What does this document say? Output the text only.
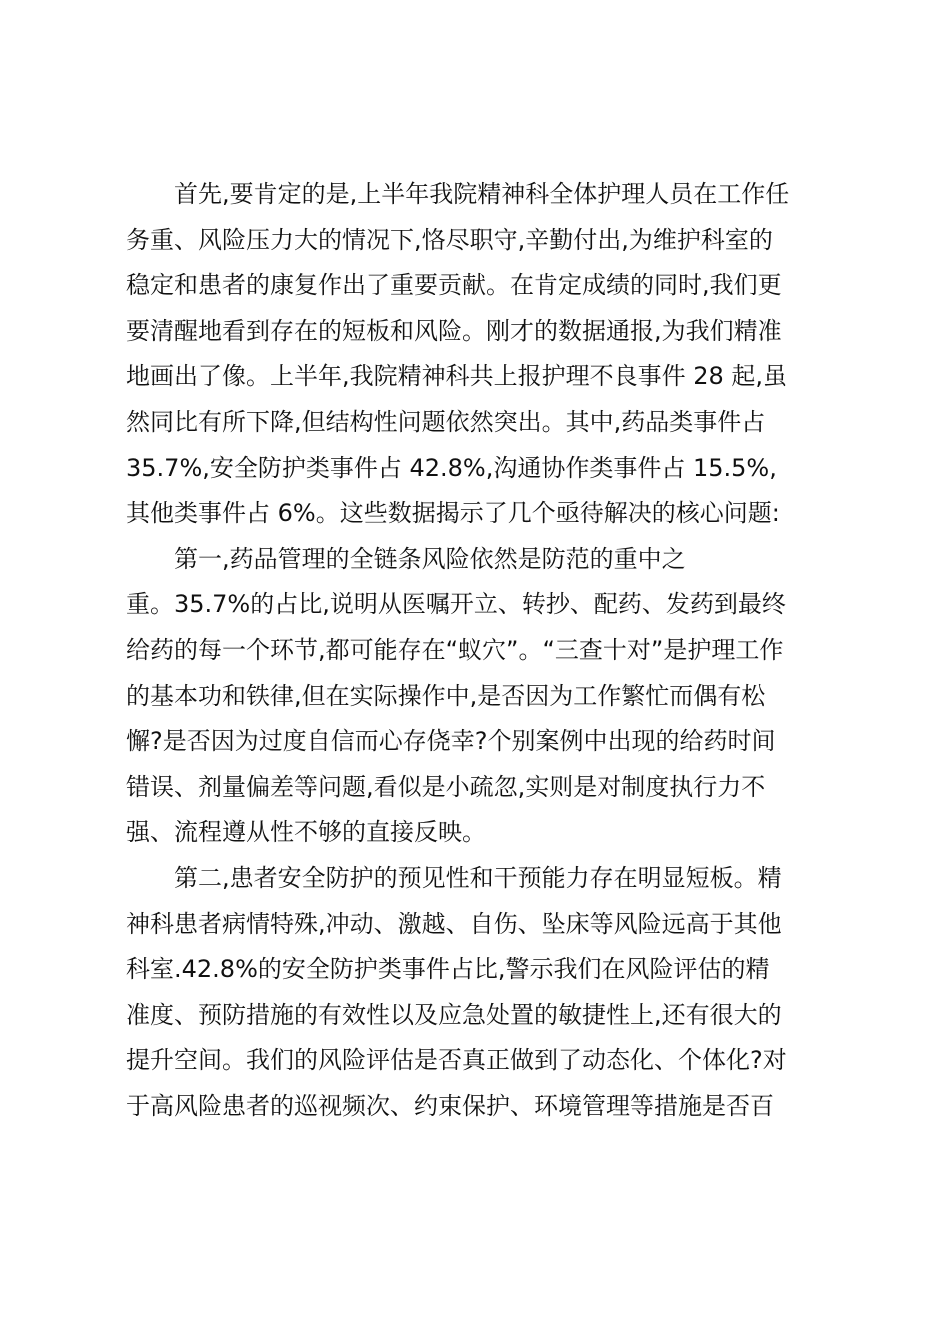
　　首先,要肯定的是,上半年我院精神科全体护理人员在工作任
务重、风险压力大的情况下,恪尽职守,辛勤付出,为维护科室的
稳定和患者的康复作出了重要贡献。在肯定成绩的同时,我们更
要清醒地看到存在的短板和风险。刚才的数据通报,为我们精准
地画出了像。上半年,我院精神科共上报护理不良事件 28 起,虽
然同比有所下降,但结构性问题依然突出。其中,药品类事件占
35.7%,安全防护类事件占 42.8%,沟通协作类事件占 15.5%,
其他类事件占 6%。这些数据揭示了几个亟待解决的核心问题:
　　第一,药品管理的全链条风险依然是防范的重中之
重。35.7%的占比,说明从医嘱开立、转抄、配药、发药到最终
给药的每一个环节,都可能存在“蚁穴”。“三查十对”是护理工作
的基本功和铁律,但在实际操作中,是否因为工作繁忙而偶有松
懈?是否因为过度自信而心存侥幸?个别案例中出现的给药时间
错误、剂量偏差等问题,看似是小疏忽,实则是对制度执行力不
强、流程遵从性不够的直接反映。
　　第二,患者安全防护的预见性和干预能力存在明显短板。精
神科患者病情特殊,冲动、激越、自伤、坠床等风险远高于其他
科室.42.8%的安全防护类事件占比,警示我们在风险评估的精
准度、预防措施的有效性以及应急处置的敏捷性上,还有很大的
提升空间。我们的风险评估是否真正做到了动态化、个体化?对
于高风险患者的巡视频次、约束保护、环境管理等措施是否百
